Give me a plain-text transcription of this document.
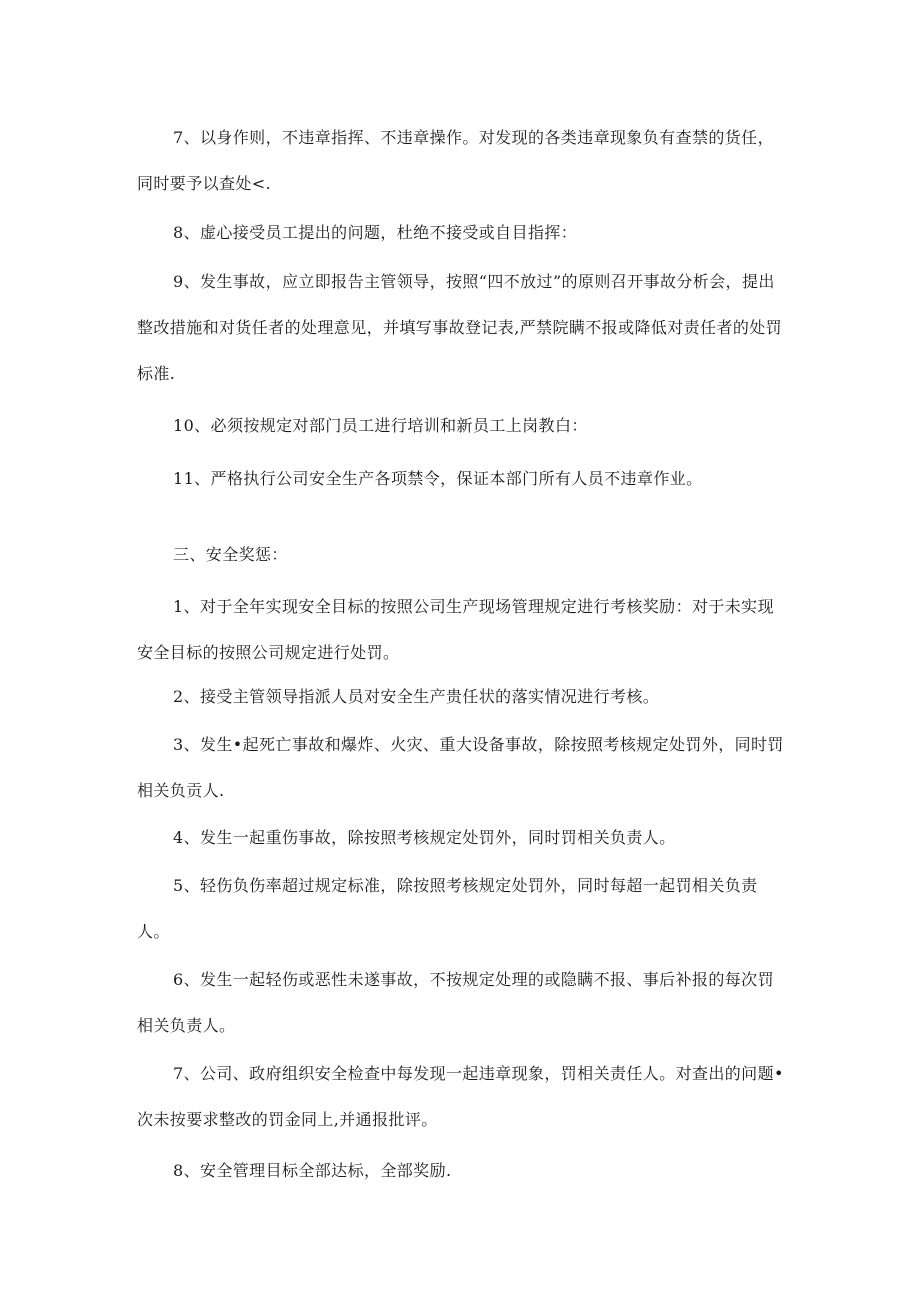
7、以身作则，不违章指挥、不违章操作。对发现的各类违章现象负有查禁的货任，同时要予以查处<.

8、虚心接受员工提出的问题，杜绝不接受或自目指挥：

9、发生事故，应立即报告主管领导，按照“四不放过”的原则召开事故分析会，提出整改措施和对货任者的处理意见，并填写事故登记表,严禁院瞒不报或降低对责任者的处罚标准.

10、必须按规定对部门员工进行培训和新员工上岗教白：

11、严格执行公司安全生产各项禁令，保证本部门所有人员不违章作业。

三、安全奖惩：

1、对于全年实现安全目标的按照公司生产现场管理规定进行考核奖励：对于未实现安全目标的按照公司规定进行处罚。

2、接受主管领导指派人员对安全生产贵任状的落实情况进行考核。

3、发生•起死亡事故和爆炸、火灾、重大设备事故，除按照考核规定处罚外，同时罚相关负贡人.

4、发生一起重伤事故，除按照考核规定处罚外，同时罚相关负责人。

5、轻伤负伤率超过规定标准，除按照考核规定处罚外，同时每超一起罚相关负责人。

6、发生一起轻伤或恶性未遂事故，不按规定处理的或隐瞒不报、事后补报的每次罚相关负责人。

7、公司、政府组织安全检查中每发现一起违章现象，罚相关责任人。对查出的问题•次未按要求整改的罚金同上,并通报批评。

8、安全管理目标全部达标，全部奖励.
